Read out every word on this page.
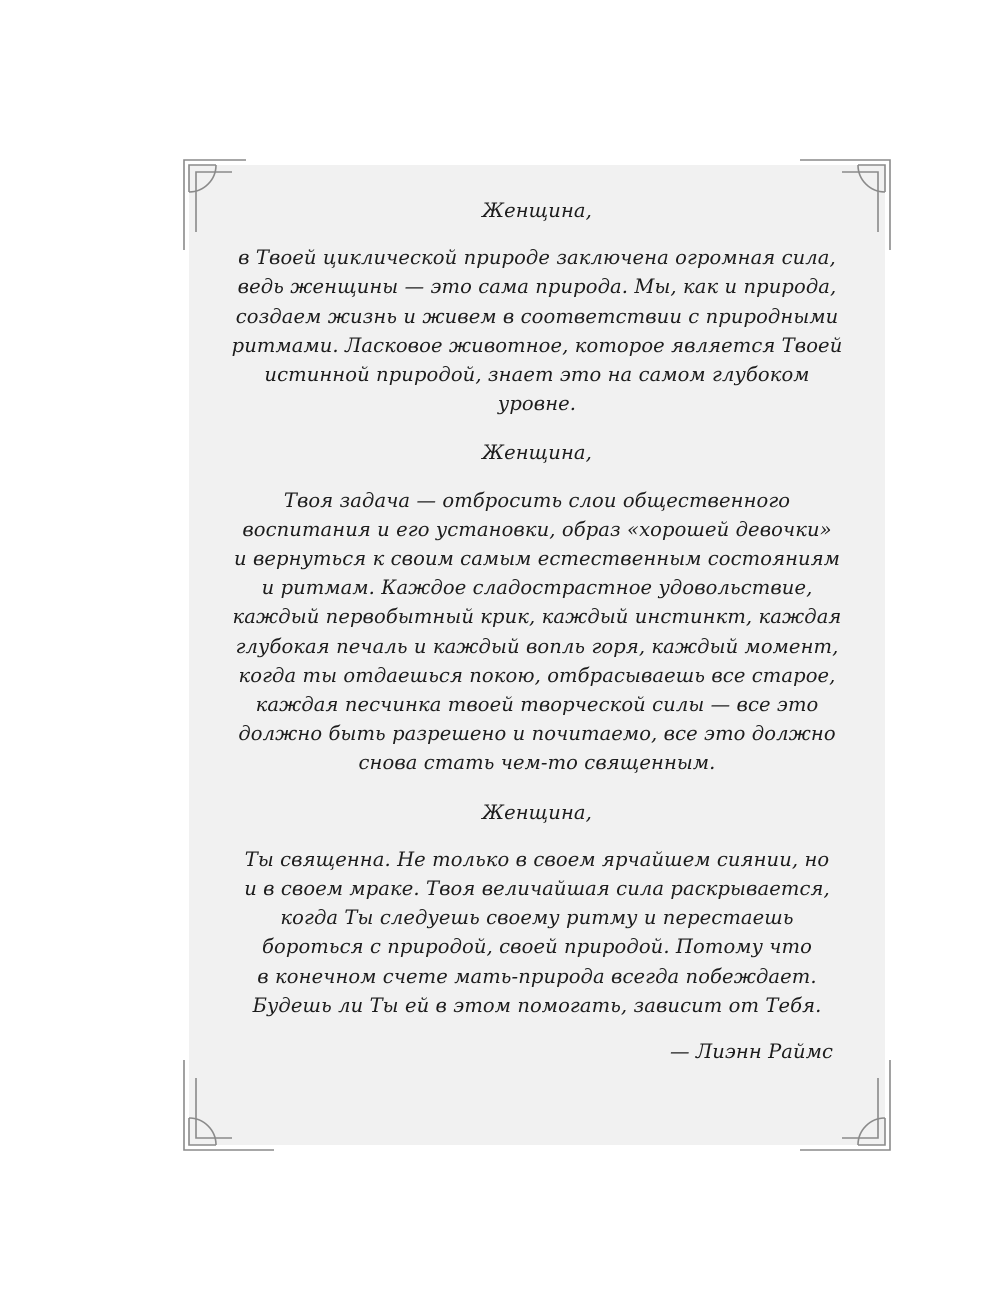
Женщина,
в Твоей циклической природе заключена огромная сила,
ведь женщины — это сама природа. Мы, как и природа,
создаем жизнь и живем в соответствии с природными
ритмами. Ласковое животное, которое является Твоей
истинной природой, знает это на самом глубоком
уровне.
Женщина,
Твоя задача — отбросить слои общественного
воспитания и его установки, образ «хорошей девочки»
и вернуться к своим самым естественным состояниям
и ритмам. Каждое сладострастное удовольствие,
каждый первобытный крик, каждый инстинкт, каждая
глубокая печаль и каждый вопль горя, каждый момент,
когда ты отдаешься покою, отбрасываешь все старое,
каждая песчинка твоей творческой силы — все это
должно быть разрешено и почитаемо, все это должно
снова стать чем-то священным.
Женщина,
Ты священна. Не только в своем ярчайшем сиянии, но
и в своем мраке. Твоя величайшая сила раскрывается,
когда Ты следуешь своему ритму и перестаешь
бороться с природой, своей природой. Потому что
в конечном счете мать-природа всегда побеждает.
Будешь ли Ты ей в этом помогать, зависит от Тебя.
— Лиэнн Раймс
